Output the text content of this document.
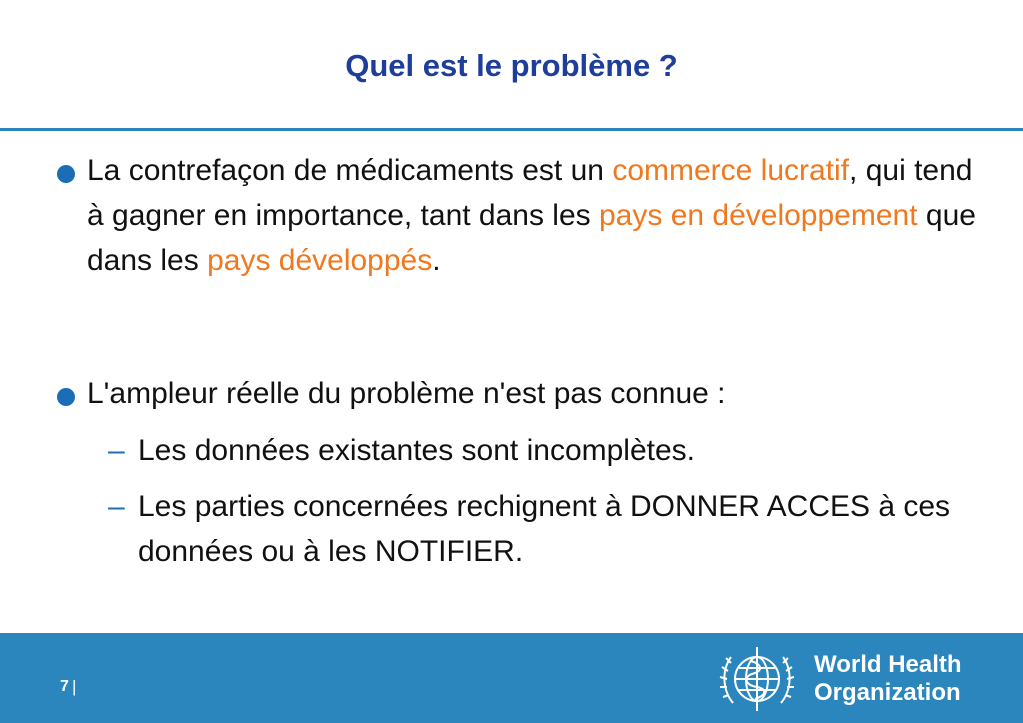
Quel est le problème ?
La contrefaçon de médicaments est un commerce lucratif, qui tend à gagner en importance, tant dans les pays en développement que dans les pays développés.
L'ampleur réelle du problème n'est pas connue :
– Les données existantes sont incomplètes.
– Les parties concernées rechignent à DONNER ACCES à ces données ou à les NOTIFIER.
7 |
World Health
Organization
